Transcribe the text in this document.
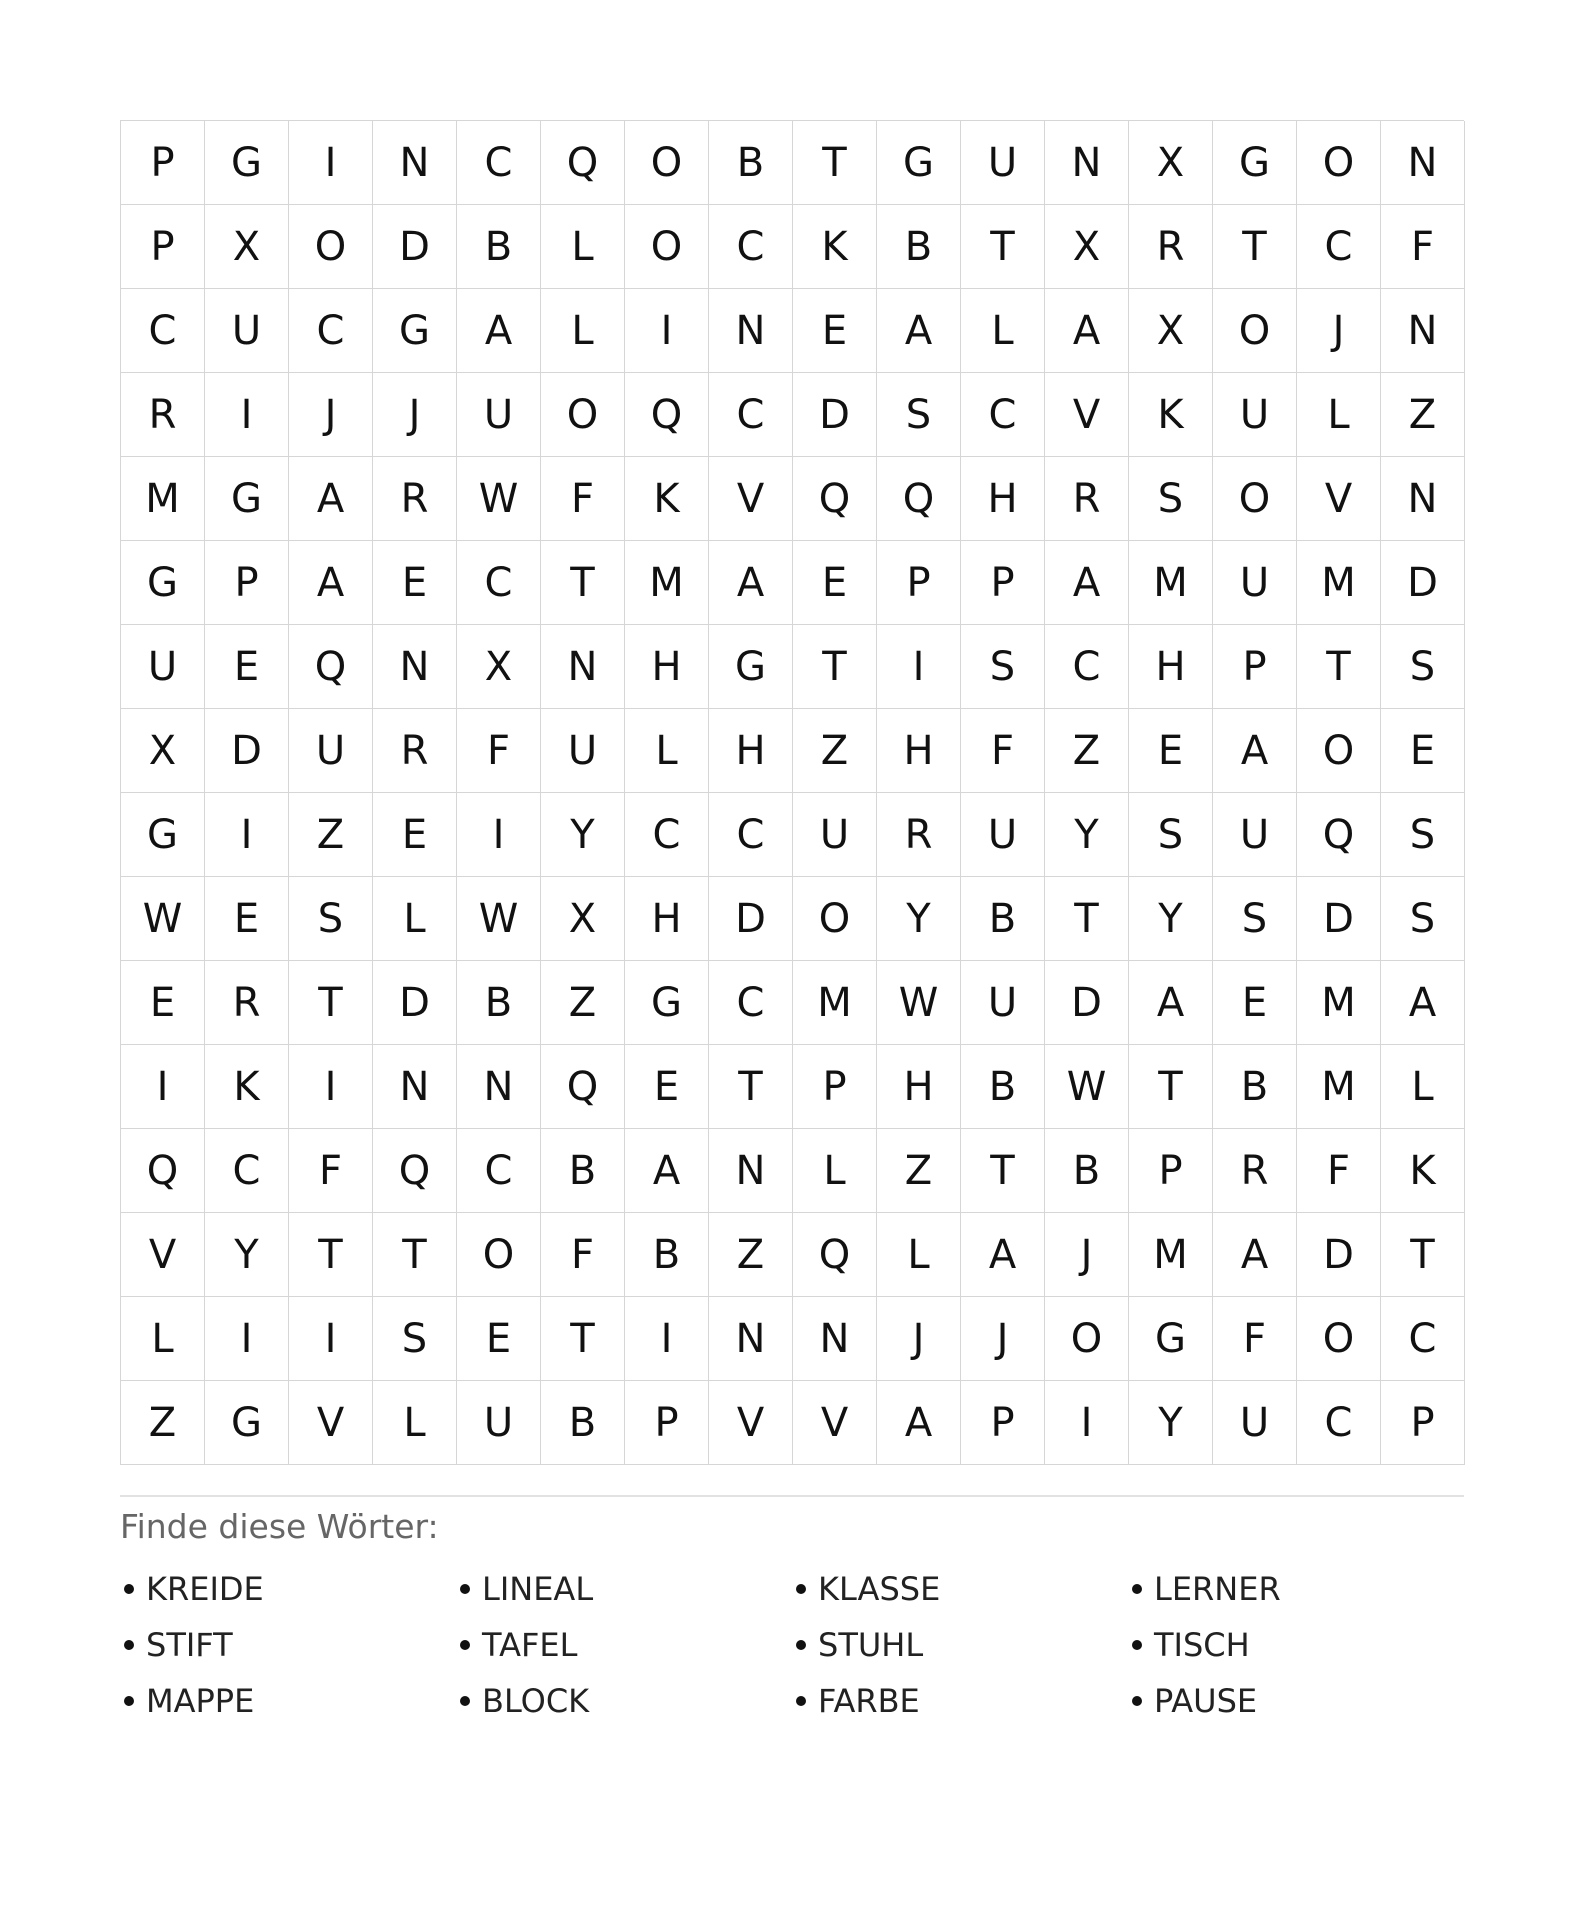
P	G	I	N	C	Q	O	B	T	G	U	N	X	G	O	N
P	X	O	D	B	L	O	C	K	B	T	X	R	T	C	F
C	U	C	G	A	L	I	N	E	A	L	A	X	O	J	N
R	I	J	J	U	O	Q	C	D	S	C	V	K	U	L	Z
M	G	A	R	W	F	K	V	Q	Q	H	R	S	O	V	N
G	P	A	E	C	T	M	A	E	P	P	A	M	U	M	D
U	E	Q	N	X	N	H	G	T	I	S	C	H	P	T	S
X	D	U	R	F	U	L	H	Z	H	F	Z	E	A	O	E
G	I	Z	E	I	Y	C	C	U	R	U	Y	S	U	Q	S
W	E	S	L	W	X	H	D	O	Y	B	T	Y	S	D	S
E	R	T	D	B	Z	G	C	M	W	U	D	A	E	M	A
I	K	I	N	N	Q	E	T	P	H	B	W	T	B	M	L
Q	C	F	Q	C	B	A	N	L	Z	T	B	P	R	F	K
V	Y	T	T	O	F	B	Z	Q	L	A	J	M	A	D	T
L	I	I	S	E	T	I	N	N	J	J	O	G	F	O	C
Z	G	V	L	U	B	P	V	V	A	P	I	Y	U	C	P
Finde diese Wörter:
KREIDE	LINEAL	KLASSE	LERNER
STIFT	TAFEL	STUHL	TISCH
MAPPE	BLOCK	FARBE	PAUSE
